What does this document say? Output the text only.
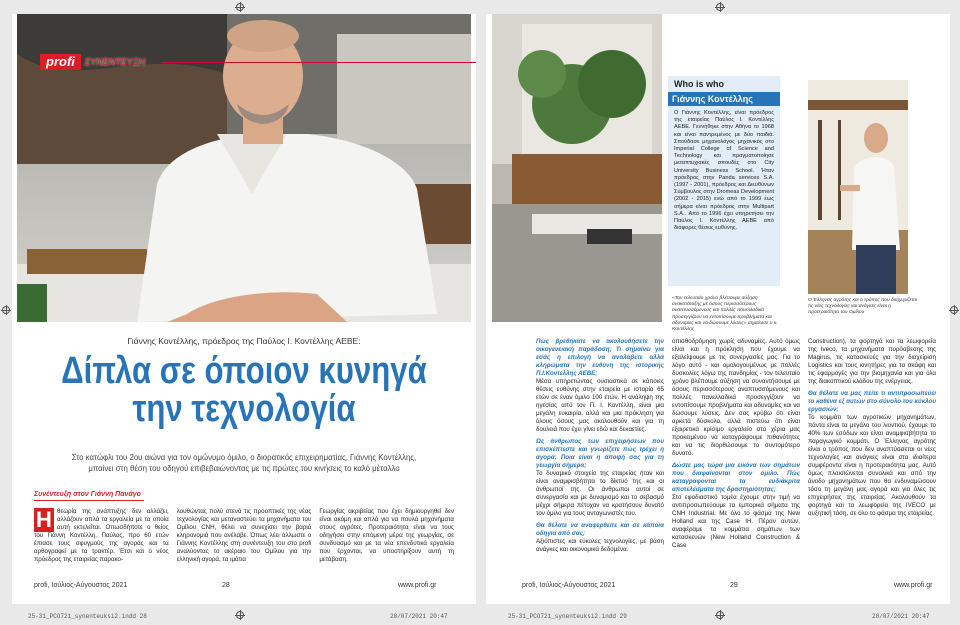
profi	ΣΥΝΕΝΤΕΥΞΗ
Γιάννης Κοντέλλης, πρόεδρος της Παύλος Ι. Κοντέλλης ΑΕΒΕ:
Δίπλα σε όποιον κυνηγά
την τεχνολογία
Στο κατώφλι του 2ου αιώνα για τον ομώνυμο όμιλο, ο διορατικός επιχειρηματίας, Γιάννης Κοντέλλης,
μπαίνει στη θέση του οδηγού επιβεβαιώνοντας με τις πρώτες του κινήσεις το καλό μέταλλο
Συνέντευξη στον Γιάννη Πανάγο
Η θεωρία της ανάπτυξης δεν αλλάζει, αλλάζουν απλά τα εργαλεία με τα οποία αυτή εκτελείται. Οπωσδήποτε ο θείος του Γιάννη Κοντέλλη, Παύλος, προ 60 ετών έπιασε τους σφυγμούς της αγοράς και τα αρθογραφεί με τα τρακτέρ. Έτσι και ο νέος πρόεδρος της εταιρείας παρακο-
λουθώντας πολύ στενά τις προοπτικές της νέας τεχνολογίας και μεταναστεύει τα μηχανήματα του Ομίλου CNH, θέλει να συνεχίσει την βαριά κληρονομιά που ανέλαβε. Όπως λέει άλλωστε ο Γιάννης Κοντέλλης στη συνέντευξη του στο profi αναλύοντας το ακέραιο του Ομίλου για την ελληνική αγορά, τα ιμάτια
Γεωργίας ακριβείας που έχει δημιουργηθεί δεν είναι ακόμη και απλά για να πουλά μηχανήματα στους αγρότες. Προτεραιότητα είναι να τους οδηγήσει στην επόμενη μέρα της γεωργίας, σε συνδυασμό και με τα νέα επενδυτικά εργαλεία που έρχονται, να υποστηρίξουν αυτή τη μετάβαση.
profi, Ιούλιος-Αύγουστος 2021	28	www.profi.gr
Who is who
Γιάννης Κοντέλλης
Ο Γιάννης Κοντέλλης, είναι πρόεδρος της εταιρείας Παύλος Ι. Κοντέλλης ΑΕΒΕ. Γεννήθηκε στην Αθήνα το 1968 και είναι παντρεμένος με δύο παιδιά. Σπούδασε μηχανολόγος μηχανικός στο Imperial College of Science and Technology και πραγματοποίησε μεταπτυχιακές σπουδές στο City University Business School. Ήταν πρόεδρος στην Panda services S.A. (1997 - 2001), πρόεδρος και Διευθύνων Σύμβουλος στην Dromeas Development (2002 - 2015) ενώ από το 1999 έως σήμερα είναι πρόεδρος στην Multipart S.A.. Από το 1996 έχει υπηρετήσει την Παύλος Ι. Κοντέλλης ΑΕΒΕ από διάφορες θέσεις ευθύνης.
«Τον τελευταίο χρόνο βλέπουμε αύξηση ανακατάταξης με όσους περισσότερους αναπτυσσόμενους και πολλές πανελλαδικά προσεγγίζουν να εντοπίσουμε προβλήματα και αδυναμίες και να δώσουμε λύσεις» σημείωσε ο κ. Κοντέλλης
Ο Έλληνας αγρότης και ο τρόπος που διαχειρίζεται τις νέες τεχνολογίες και ανάγκες είναι η προτεραιότητα του Ομίλου

Πώς βρεθήκατε να ακολουθήσετε την οικογενειακή παράδοση; Τι σημαίνει για εσάς η επιλογή να αναλάβετε αλλά κληρώματα την ευθύνη της ιστορικής Π.Ι.Κοντέλλης ΑΕΒΕ;

Μέσα υπηρετώντας ουσιαστικά σε κάποιες θέσεις ευθύνης στην εταιρεία με ιστορία 65 ετών σε έναν όμιλο 100 ετών. Η ανάληψη της ηγεσίας από τον Π. Ι. Κοντέλλη, είναι μια μεγάλη ευκαιρία, αλλά και μια πρόκληση για όλους όσους μας ακολουθούν και για τη δουλειά που έχει γίνει εδώ και δεκαετίες.

Ως άνθρωπος των επιχειρήσεων που επισκέπτεστε και γνωρίζετε πώς τρέχει η αγορά; Ποια είναι η άποψή σας για τη γεωργία σήμερα;

Το δυναμικό στοιχείο της εταιρείας ήταν και είναι αναμφισβήτητα το δίκτυό της και οι άνθρωποί της. Οι άνθρωποι αυτοί σε συνεργασία και με δυναμισμό και το σεβασμό μέχρι σήμερα πέτυχαν να κρατήσουν δυνατό τον όμιλο για τους ανταγωνιστές του.

Θα θέλατε να αναφερθείτε και σε κάποια οδηγία από σας;

Αξιόπιστες και εύκολες τεχνολογίες, με βάση ανάγκες και οικονομικά δεδομένα.

οπισθοδρόμηση χωρίς αδυναμίες. Αυτό όμως είναι και η πρόκληση που έχουμε να εξαλείψουμε με τις συνεργασίες μας. Για το λόγο αυτό - και ομολογουμένως με πολλές δυσκολίες λόγω της πανδημίας - τον τελευταίο χρόνο βλέπουμε αύξηση να συναντήσουμε με όσους περισσότερους αναπτυσσόμενους και πολλές πανελλαδικά προσεγγίζουν να εντοπίσουμε προβλήματα και αδυναμίες και να δώσουμε λύσεις. Δεν σας κρύβω ότι είναι αρκετά δύσκολο, αλλά πιστεύω ότι είναι εξαιρετικά κρίσιμο εργαλείο στα χέρια μας προκειμένου να καταγράψουμε πιθανότητες και να τις διορθώσουμε το συντομότερο δυνατό.

Δώστε μας τώρα μια εικόνα των σημάτων που διαφαίνονται στον όμιλο. Πώς καταγράφονται τα ευδιάκριτα αποτελέσματα της δραστηριότητας;

Στο εφοδιαστικό τομέα έχουμε στην τιμή να αντιπροσωπεύουμε τα εμπορικά σήματα της CNH Industrial. Με όλο το φάσμα της New Holland και της Case IH. Πέραν αυτών, αναφέραμε τα κομμάτια σημάτων των κατασκευών (New Holland Construction & Case

Construction), τα φορτηγά και τα λεωφορεία της Iveco, τα μηχανήματα πυρόσβεσης της Magirus, τις κατασκευές για την διαχείριση Logistics και τους κινητήρες για τα σκάφη και τις εφαρμογές για την βιομηχανία και για όλα της διακοπτικού κλάδου της ενέργειας.

Θα θέλατε να μας πείτε τι αντιπροσωπεύει το καθένα εξ αυτών στο σύνολο του κύκλου εργασιών;

Το κομμάτι των αγροτικών μηχανημάτων, πάντα είναι τα μεγάλο του λιοντιού, έχουμε το 40% των εσόδων και είναι αναμφισβήτητα το παραγωγικό κομμάτι. Ο Έλληνας αγρότης είναι ο τρόπος που δεν αναπτύσσεται οι νέες τεχνολογίες και ανάγκες είναι στα ιδιαίτερα συμφέροντα είναι η προτεραιότητα μας. Αυτό όμως πλαισιώνεται συνολικά και από την άνοδο μηχανημάτων που θα ενδυναμώσουν τόσο τη μεγάλη μας αγορά και για όλες τις επιχειρήσεις της εταιρείας. Ακολουθούν τα φορτηγά και τα λεωφορεία της IVECO με αυξητική τάση, σε όλο το φάσμα της εταιρείας.

profi, Ιούλιος-Αύγουστος 2021	29	www.profi.gr
25-31_PCO721_synenteuksi2.indd 28	28/07/2021 20:47	25-31_PCO721_synenteuksi2.indd 29	28/07/2021 20:47
